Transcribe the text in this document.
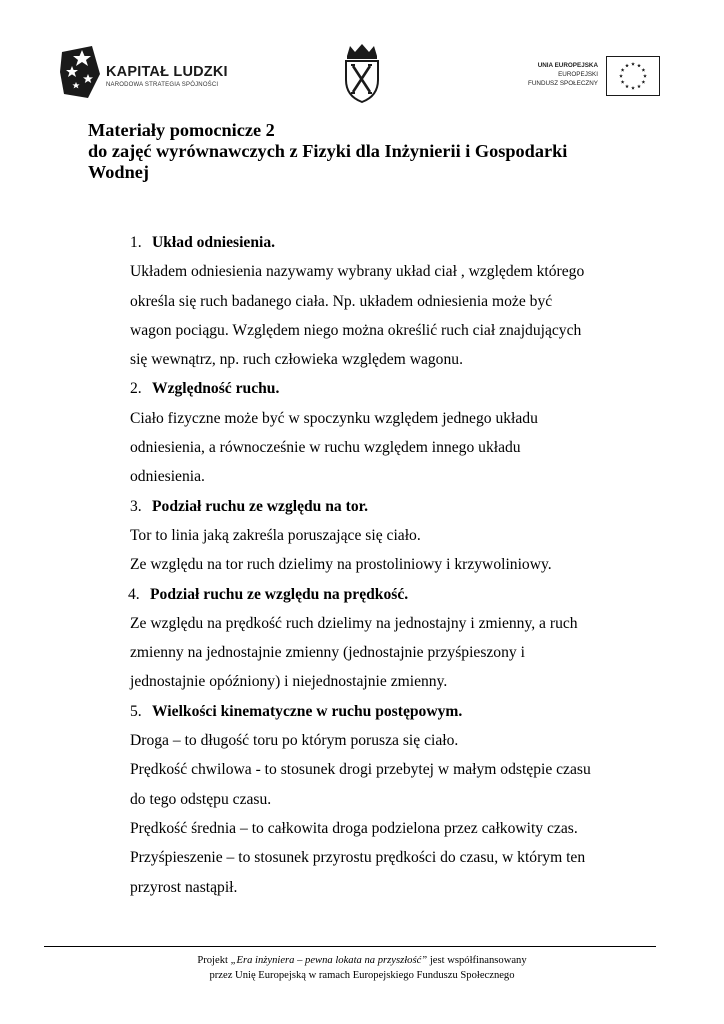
KAPITAŁ LUDZKI
NARODOWA STRATEGIA SPÓJNOŚCI
UNIA EUROPEJSKA
EUROPEJSKI
FUNDUSZ SPOŁECZNY
Materiały pomocnicze 2
do zajęć wyrównawczych z Fizyki dla Inżynierii i Gospodarki
Wodnej
1. Układ odniesienia.
Układem odniesienia nazywamy wybrany układ ciał , względem którego
określa się ruch badanego ciała. Np. układem odniesienia może być
wagon pociągu. Względem niego można określić ruch ciał znajdujących
się wewnątrz, np. ruch człowieka względem wagonu.
2. Względność ruchu.
Ciało fizyczne może być w spoczynku względem jednego układu
odniesienia, a równocześnie w ruchu względem innego układu
odniesienia.
3. Podział ruchu ze względu na tor.
Tor to linia jaką zakreśla poruszające się ciało.
Ze względu na tor ruch dzielimy na prostoliniowy i krzywoliniowy.
4. Podział ruchu ze względu na prędkość.
Ze względu na prędkość ruch dzielimy na jednostajny i zmienny, a ruch
zmienny na jednostajnie zmienny (jednostajnie przyśpieszony i
jednostajnie opóźniony) i niejednostajnie zmienny.
5. Wielkości kinematyczne w ruchu postępowym.
Droga – to długość toru po którym porusza się ciało.
Prędkość chwilowa - to stosunek drogi przebytej w małym odstępie czasu
do tego odstępu czasu.
Prędkość średnia – to całkowita droga podzielona przez całkowity czas.
Przyśpieszenie – to stosunek przyrostu prędkości do czasu, w którym ten
przyrost nastąpił.
Projekt „Era inżyniera – pewna lokata na przyszłość” jest współfinansowany
przez Unię Europejską w ramach Europejskiego Funduszu Społecznego
